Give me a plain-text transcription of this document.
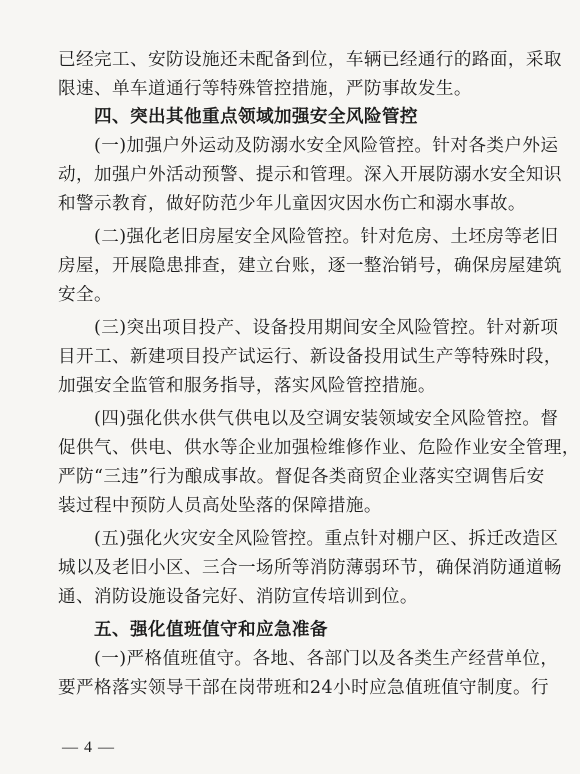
已经完工、安防设施还未配备到位，车辆已经通行的路面，采取
限速、单车道通行等特殊管控措施，严防事故发生。
四、突出其他重点领域加强安全风险管控
(一)加强户外运动及防溺水安全风险管控。针对各类户外运
动，加强户外活动预警、提示和管理。深入开展防溺水安全知识
和警示教育，做好防范少年儿童因灾因水伤亡和溺水事故。
(二)强化老旧房屋安全风险管控。针对危房、土坯房等老旧
房屋，开展隐患排查，建立台账，逐一整治销号，确保房屋建筑
安全。
(三)突出项目投产、设备投用期间安全风险管控。针对新项
目开工、新建项目投产试运行、新设备投用试生产等特殊时段，
加强安全监管和服务指导，落实风险管控措施。
(四)强化供水供气供电以及空调安装领域安全风险管控。督
促供气、供电、供水等企业加强检维修作业、危险作业安全管理，
严防“三违”行为酿成事故。督促各类商贸企业落实空调售后安
装过程中预防人员高处坠落的保障措施。
(五)强化火灾安全风险管控。重点针对棚户区、拆迁改造区
城以及老旧小区、三合一场所等消防薄弱环节，确保消防通道畅
通、消防设施设备完好、消防宣传培训到位。
五、强化值班值守和应急准备
(一)严格值班值守。各地、各部门以及各类生产经营单位，
要严格落实领导干部在岗带班和24小时应急值班值守制度。行
— 4 —
